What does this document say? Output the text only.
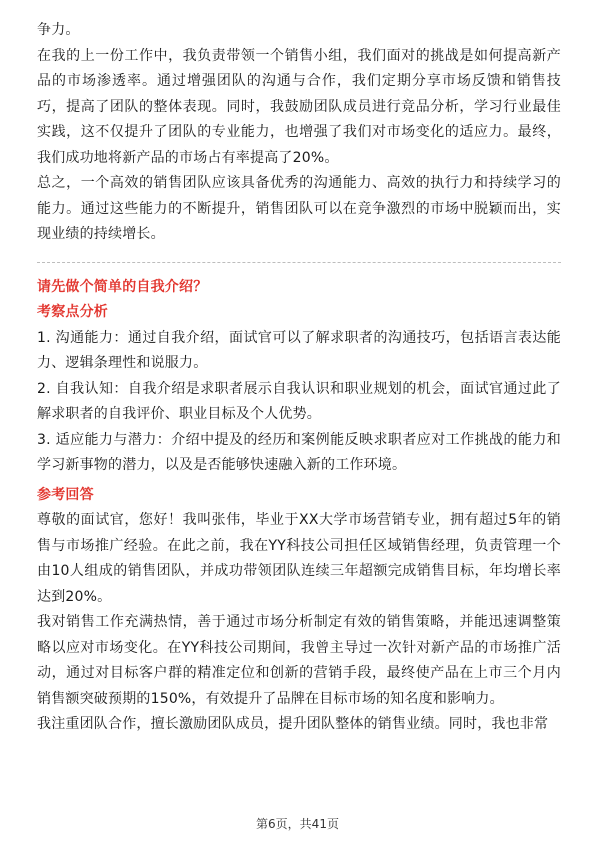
争力。

在我的上一份工作中，我负责带领一个销售小组，我们面对的挑战是如何提高新产品的市场渗透率。通过增强团队的沟通与合作，我们定期分享市场反馈和销售技巧，提高了团队的整体表现。同时，我鼓励团队成员进行竞品分析，学习行业最佳实践，这不仅提升了团队的专业能力，也增强了我们对市场变化的适应力。最终，我们成功地将新产品的市场占有率提高了20%。

总之，一个高效的销售团队应该具备优秀的沟通能力、高效的执行力和持续学习的能力。通过这些能力的不断提升，销售团队可以在竞争激烈的市场中脱颖而出，实现业绩的持续增长。

请先做个简单的自我介绍？

考察点分析

1. 沟通能力：通过自我介绍，面试官可以了解求职者的沟通技巧，包括语言表达能力、逻辑条理性和说服力。

2. 自我认知：自我介绍是求职者展示自我认识和职业规划的机会，面试官通过此了解求职者的自我评价、职业目标及个人优势。

3. 适应能力与潜力：介绍中提及的经历和案例能反映求职者应对工作挑战的能力和学习新事物的潜力，以及是否能够快速融入新的工作环境。

参考回答

尊敬的面试官，您好！我叫张伟，毕业于XX大学市场营销专业，拥有超过5年的销售与市场推广经验。在此之前，我在YY科技公司担任区域销售经理，负责管理一个由10人组成的销售团队，并成功带领团队连续三年超额完成销售目标，年均增长率达到20%。

我对销售工作充满热情，善于通过市场分析制定有效的销售策略，并能迅速调整策略以应对市场变化。在YY科技公司期间，我曾主导过一次针对新产品的市场推广活动，通过对目标客户群的精准定位和创新的营销手段，最终使产品在上市三个月内销售额突破预期的150%，有效提升了品牌在目标市场的知名度和影响力。

我注重团队合作，擅长激励团队成员，提升团队整体的销售业绩。同时，我也非常

第6页，共41页
